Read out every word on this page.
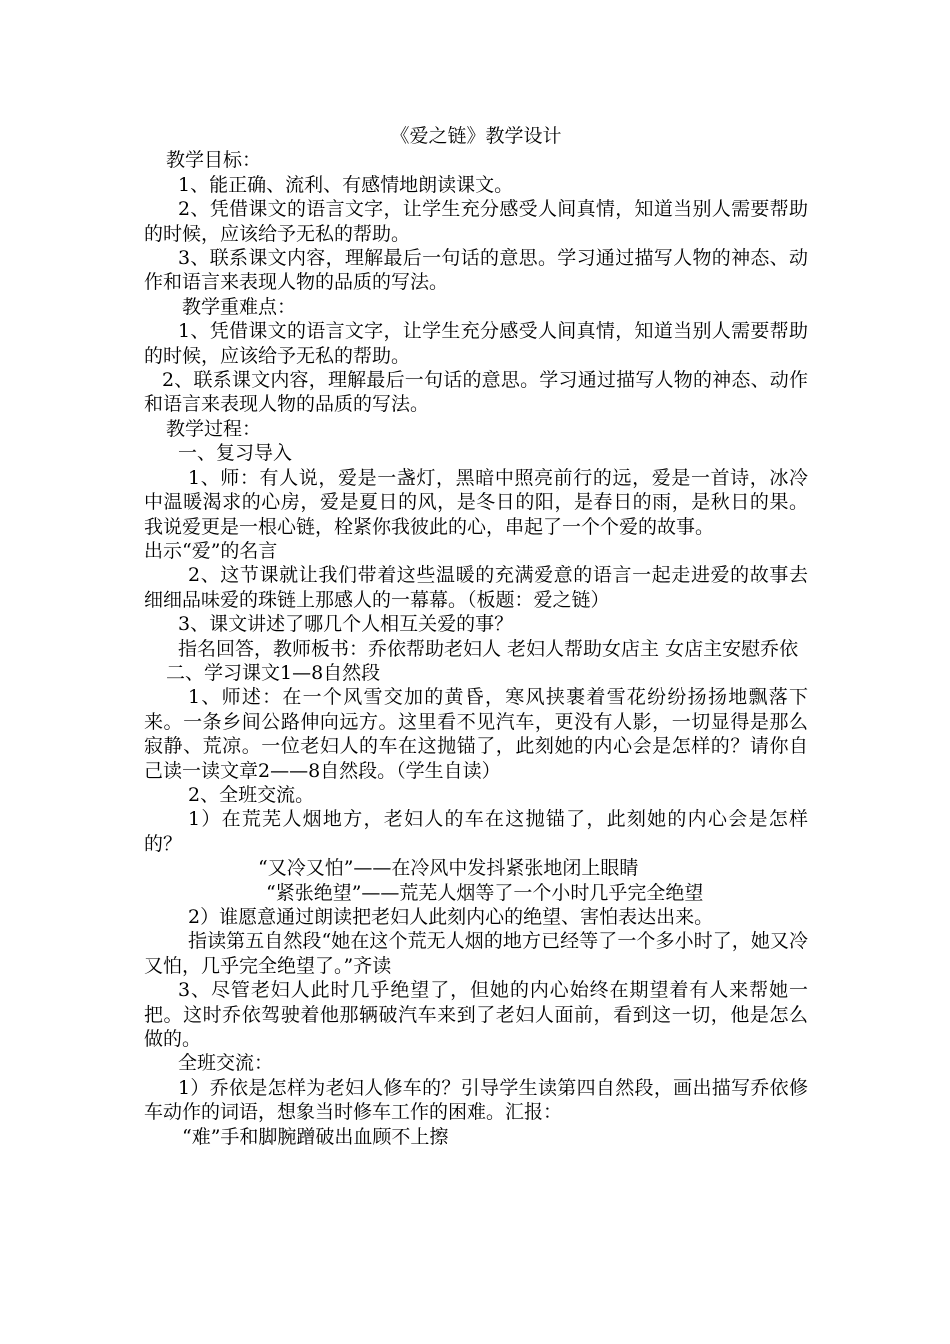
《爱之链》教学设计

教学目标：

1、能正确、流利、有感情地朗读课文。

2、凭借课文的语言文字，让学生充分感受人间真情，知道当别人需要帮助的时候，应该给予无私的帮助。

3、联系课文内容，理解最后一句话的意思。学习通过描写人物的神态、动作和语言来表现人物的品质的写法。

教学重难点：

1、凭借课文的语言文字，让学生充分感受人间真情，知道当别人需要帮助的时候，应该给予无私的帮助。

2、联系课文内容，理解最后一句话的意思。学习通过描写人物的神态、动作和语言来表现人物的品质的写法。

教学过程：

一、复习导入

1、师：有人说，爱是一盏灯，黑暗中照亮前行的远，爱是一首诗，冰冷中温暖渴求的心房，爱是夏日的风，是冬日的阳，是春日的雨，是秋日的果。我说爱更是一根心链，栓紧你我彼此的心，串起了一个个爱的故事。

出示“爱”的名言

2、这节课就让我们带着这些温暖的充满爱意的语言一起走进爱的故事去细细品味爱的珠链上那感人的一幕幕。（板题：爱之链）

3、课文讲述了哪几个人相互关爱的事？

指名回答，教师板书：乔依帮助老妇人 老妇人帮助女店主 女店主安慰乔依

二、学习课文1—8自然段

1、师述：在一个风雪交加的黄昏，寒风挟裹着雪花纷纷扬扬地飘落下来。一条乡间公路伸向远方。这里看不见汽车，更没有人影，一切显得是那么寂静、荒凉。一位老妇人的车在这抛锚了，此刻她的内心会是怎样的？请你自己读一读文章2——8自然段。（学生自读）

2、全班交流。

1）在荒芜人烟地方，老妇人的车在这抛锚了，此刻她的内心会是怎样的？

“又冷又怕”——在冷风中发抖紧张地闭上眼睛

“紧张绝望”——荒芜人烟等了一个小时几乎完全绝望

2）谁愿意通过朗读把老妇人此刻内心的绝望、害怕表达出来。

指读第五自然段“她在这个荒无人烟的地方已经等了一个多小时了，她又冷又怕，几乎完全绝望了。”齐读

3、尽管老妇人此时几乎绝望了，但她的内心始终在期望着有人来帮她一把。这时乔依驾驶着他那辆破汽车来到了老妇人面前，看到这一切，他是怎么做的。

全班交流：

1）乔依是怎样为老妇人修车的？引导学生读第四自然段，画出描写乔依修车动作的词语，想象当时修车工作的困难。汇报：

“难”手和脚腕蹭破出血顾不上擦
